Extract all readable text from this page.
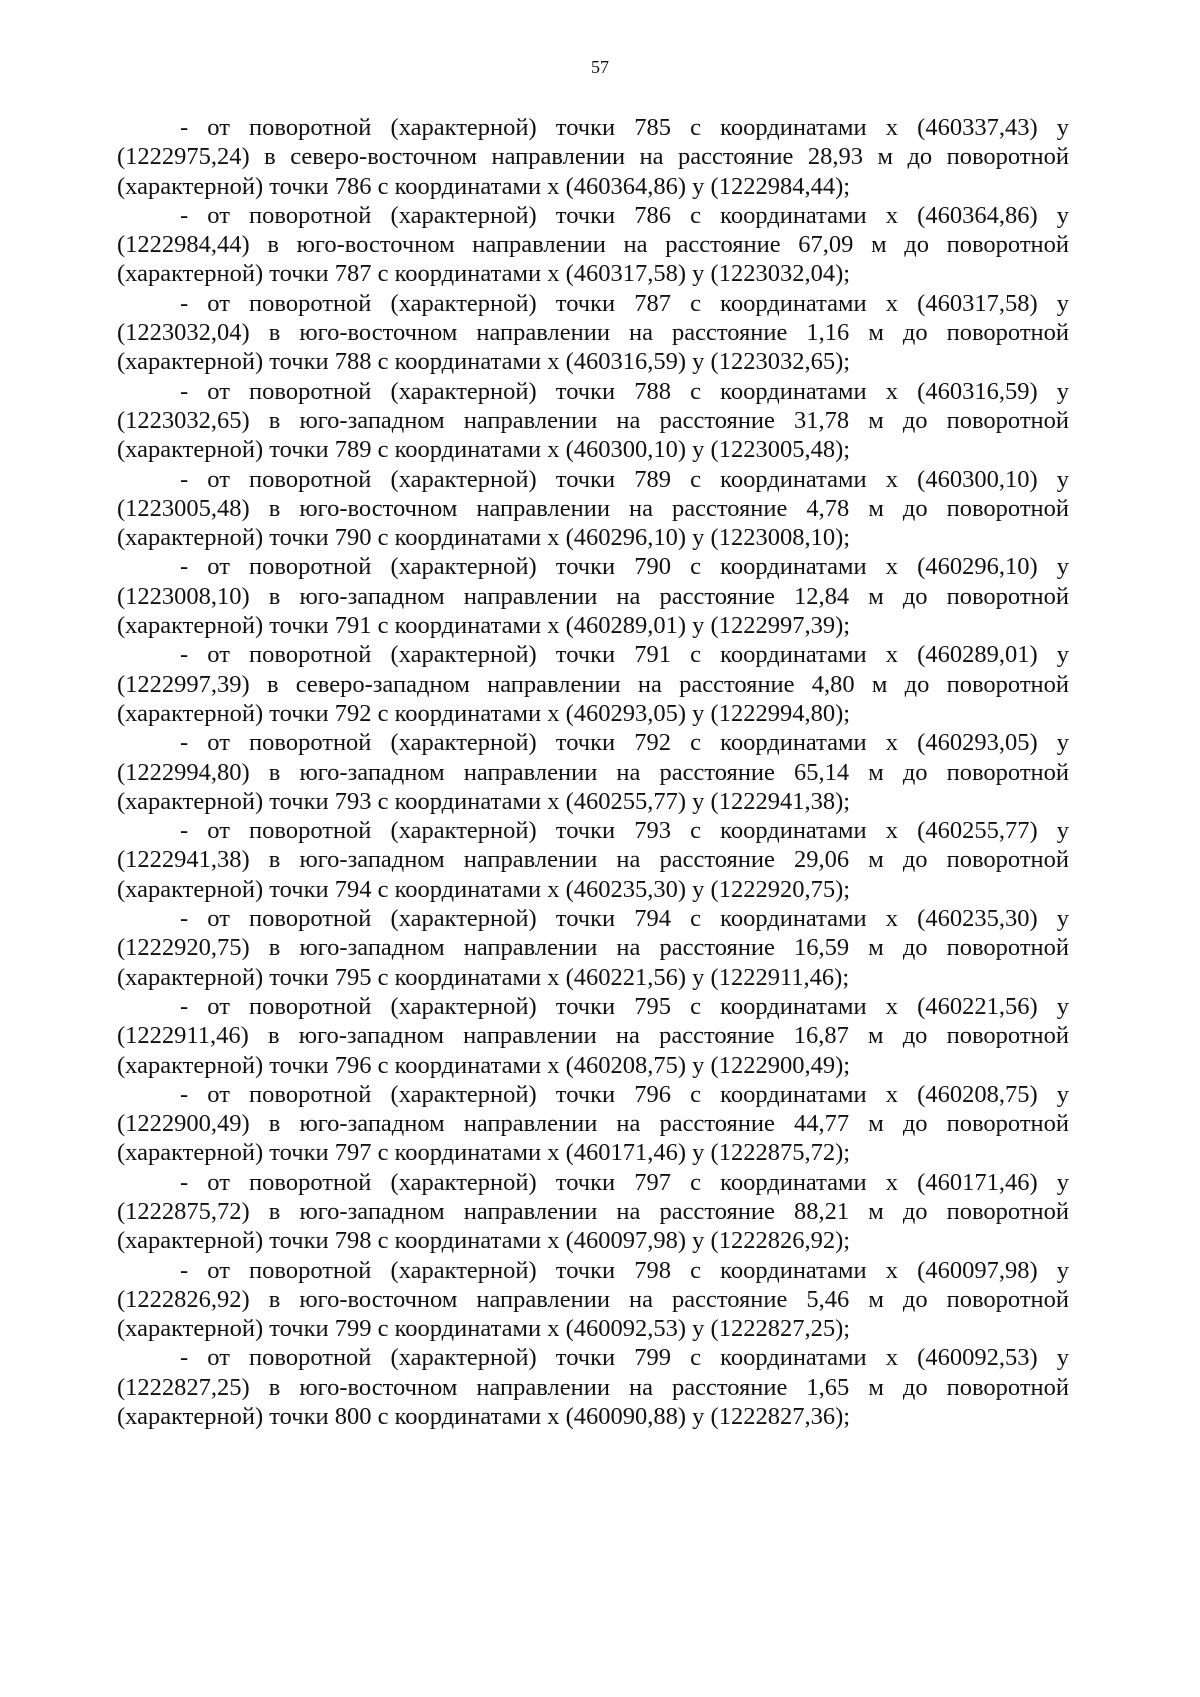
57

- от поворотной (характерной) точки 785 с координатами x (460337,43) y (1222975,24) в северо-восточном направлении на расстояние 28,93 м до поворотной (характерной) точки 786 с координатами x (460364,86) y (1222984,44);

- от поворотной (характерной) точки 786 с координатами x (460364,86) y (1222984,44) в юго-восточном направлении на расстояние 67,09 м до поворотной (характерной) точки 787 с координатами x (460317,58) y (1223032,04);

- от поворотной (характерной) точки 787 с координатами x (460317,58) y (1223032,04) в юго-восточном направлении на расстояние 1,16 м до поворотной (характерной) точки 788 с координатами x (460316,59) y (1223032,65);

- от поворотной (характерной) точки 788 с координатами x (460316,59) y (1223032,65) в юго-западном направлении на расстояние 31,78 м до поворотной (характерной) точки 789 с координатами x (460300,10) y (1223005,48);

- от поворотной (характерной) точки 789 с координатами x (460300,10) y (1223005,48) в юго-восточном направлении на расстояние 4,78 м до поворотной (характерной) точки 790 с координатами x (460296,10) y (1223008,10);

- от поворотной (характерной) точки 790 с координатами x (460296,10) y (1223008,10) в юго-западном направлении на расстояние 12,84 м до поворотной (характерной) точки 791 с координатами x (460289,01) y (1222997,39);

- от поворотной (характерной) точки 791 с координатами x (460289,01) y (1222997,39) в северо-западном направлении на расстояние 4,80 м до поворотной (характерной) точки 792 с координатами x (460293,05) y (1222994,80);

- от поворотной (характерной) точки 792 с координатами x (460293,05) y (1222994,80) в юго-западном направлении на расстояние 65,14 м до поворотной (характерной) точки 793 с координатами x (460255,77) y (1222941,38);

- от поворотной (характерной) точки 793 с координатами x (460255,77) y (1222941,38) в юго-западном направлении на расстояние 29,06 м до поворотной (характерной) точки 794 с координатами x (460235,30) y (1222920,75);

- от поворотной (характерной) точки 794 с координатами x (460235,30) y (1222920,75) в юго-западном направлении на расстояние 16,59 м до поворотной (характерной) точки 795 с координатами x (460221,56) y (1222911,46);

- от поворотной (характерной) точки 795 с координатами x (460221,56) y (1222911,46) в юго-западном направлении на расстояние 16,87 м до поворотной (характерной) точки 796 с координатами x (460208,75) y (1222900,49);

- от поворотной (характерной) точки 796 с координатами x (460208,75) y (1222900,49) в юго-западном направлении на расстояние 44,77 м до поворотной (характерной) точки 797 с координатами x (460171,46) y (1222875,72);

- от поворотной (характерной) точки 797 с координатами x (460171,46) y (1222875,72) в юго-западном направлении на расстояние 88,21 м до поворотной (характерной) точки 798 с координатами x (460097,98) y (1222826,92);

- от поворотной (характерной) точки 798 с координатами x (460097,98) y (1222826,92) в юго-восточном направлении на расстояние 5,46 м до поворотной (характерной) точки 799 с координатами x (460092,53) y (1222827,25);

- от поворотной (характерной) точки 799 с координатами x (460092,53) y (1222827,25) в юго-восточном направлении на расстояние 1,65 м до поворотной (характерной) точки 800 с координатами x (460090,88) y (1222827,36);
